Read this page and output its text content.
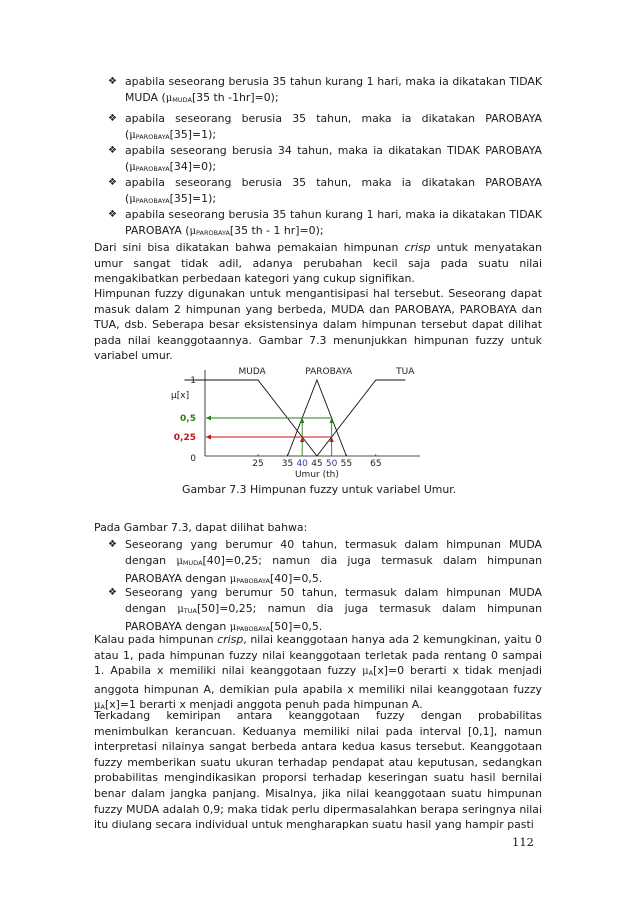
❖ apabila seseorang berusia 35 tahun kurang 1 hari, maka ia dikatakan TIDAK MUDA ($\mu_{MUDA}[35$ th -1hr]=0);
❖ apabila seseorang berusia 35 tahun, maka ia dikatakan PAROBAYA $(\mu_{PAROBAYA}[35]=1)$;
❖ apabila seseorang berusia 34 tahun, maka ia dikatakan TIDAK PAROBAYA $(\mu_{PAROBAYA}[34]=0)$;
❖ apabila seseorang berusia 35 tahun, maka ia dikatakan PAROBAYA $(\mu_{PAROBAYA}[35]=1)$;
❖ apabila seseorang berusia 35 tahun kurang 1 hari, maka ia dikatakan TIDAK PAROBAYA ($\mu_{PAROBAYA}[35$ th - 1 hr]=0);
Dari sini bisa dikatakan bahwa pemakaian himpunan crisp untuk menyatakan umur sangat tidak adil, adanya perubahan kecil saja pada suatu nilai mengakibatkan perbedaan kategori yang cukup signifikan.
Himpunan fuzzy digunakan untuk mengantisipasi hal tersebut. Seseorang dapat masuk dalam 2 himpunan yang berbeda, MUDA dan PAROBAYA, PAROBAYA dan TUA, dsb. Seberapa besar eksistensinya dalam himpunan tersebut dapat dilihat pada nilai keanggotaannya. Gambar 7.3 menunjukkan himpunan fuzzy untuk variabel umur.
MUDA	PAROBAYA	TUA
1
0,5
0,25
0
μ[x]
25 35 40 45 50 55 65
Umur (th)
Gambar 7.3 Himpunan fuzzy untuk variabel Umur.
Pada Gambar 7.3, dapat dilihat bahwa:
❖ Seseorang yang berumur 40 tahun, termasuk dalam himpunan MUDA dengan $\mu_{MUDA}[40]=0,25$; namun dia juga termasuk dalam himpunan PAROBAYA dengan $\mu_{PABOBAYA}[40]=0,5$.
❖ Seseorang yang berumur 50 tahun, termasuk dalam himpunan MUDA dengan $\mu_{TUA}[50]=0,25$; namun dia juga termasuk dalam himpunan PAROBAYA dengan $\mu_{PABOBAYA}[50]=0,5$.
Kalau pada himpunan crisp, nilai keanggotaan hanya ada 2 kemungkinan, yaitu 0 atau 1, pada himpunan fuzzy nilai keanggotaan terletak pada rentang 0 sampai 1. Apabila x memiliki nilai keanggotaan fuzzy $\mu_A[x]=0$ berarti x tidak menjadi anggota himpunan A, demikian pula apabila x memiliki nilai keanggotaan fuzzy $\mu_A[x]=1$ berarti x menjadi anggota penuh pada himpunan A.
Terkadang kemiripan antara keanggotaan fuzzy dengan probabilitas menimbulkan kerancuan. Keduanya memiliki nilai pada interval [0,1], namun interpretasi nilainya sangat berbeda antara kedua kasus tersebut. Keanggotaan fuzzy memberikan suatu ukuran terhadap pendapat atau keputusan, sedangkan probabilitas mengindikasikan proporsi terhadap keseringan suatu hasil bernilai benar dalam jangka panjang. Misalnya, jika nilai keanggotaan suatu himpunan fuzzy MUDA adalah 0,9; maka tidak perlu dipermasalahkan berapa seringnya nilai itu diulang secara individual untuk mengharapkan suatu hasil yang hampir pasti
112
